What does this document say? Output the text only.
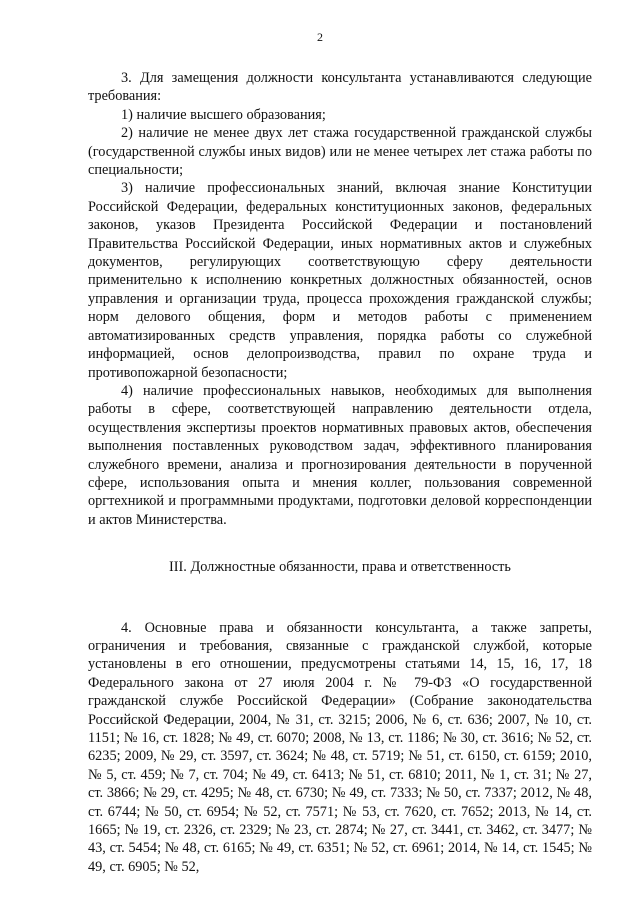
2

3. Для замещения должности консультанта устанавливаются следующие требования:

1) наличие высшего образования;

2) наличие не менее двух лет стажа государственной гражданской службы (государственной службы иных видов) или не менее четырех лет стажа работы по специальности;

3) наличие профессиональных знаний, включая знание Конституции Российской Федерации, федеральных конституционных законов, федеральных законов, указов Президента Российской Федерации и постановлений Правительства Российской Федерации, иных нормативных актов и служебных документов, регулирующих соответствующую сферу деятельности применительно к исполнению конкретных должностных обязанностей, основ управления и организации труда, процесса прохождения гражданской службы; норм делового общения, форм и методов работы с применением автоматизированных средств управления, порядка работы со служебной информацией, основ делопроизводства, правил по охране труда и противопожарной безопасности;

4) наличие профессиональных навыков, необходимых для выполнения работы в сфере, соответствующей направлению деятельности отдела, осуществления экспертизы проектов нормативных правовых актов, обеспечения выполнения поставленных руководством задач, эффективного планирования служебного времени, анализа и прогнозирования деятельности в порученной сфере, использования опыта и мнения коллег, пользования современной оргтехникой и программными продуктами, подготовки деловой корреспонденции и актов Министерства.

III. Должностные обязанности, права и ответственность

4. Основные права и обязанности консультанта, а также запреты, ограничения и требования, связанные с гражданской службой, которые установлены в его отношении, предусмотрены статьями 14, 15, 16, 17, 18 Федерального закона от 27 июля 2004 г. № 79-ФЗ «О государственной гражданской службе Российской Федерации» (Собрание законодательства Российской Федерации, 2004, № 31, ст. 3215; 2006, № 6, ст. 636; 2007, № 10, ст. 1151; № 16, ст. 1828; № 49, ст. 6070; 2008, № 13, ст. 1186; № 30, ст. 3616; № 52, ст. 6235; 2009, № 29, ст. 3597, ст. 3624; № 48, ст. 5719; № 51, ст. 6150, ст. 6159; 2010, № 5, ст. 459; № 7, ст. 704; № 49, ст. 6413; № 51, ст. 6810; 2011, № 1, ст. 31; № 27, ст. 3866; № 29, ст. 4295; № 48, ст. 6730; № 49, ст. 7333; № 50, ст. 7337; 2012, № 48, ст. 6744; № 50, ст. 6954; № 52, ст. 7571; № 53, ст. 7620, ст. 7652; 2013, № 14, ст. 1665; № 19, ст. 2326, ст. 2329; № 23, ст. 2874; № 27, ст. 3441, ст. 3462, ст. 3477; № 43, ст. 5454; № 48, ст. 6165; № 49, ст. 6351; № 52, ст. 6961; 2014, № 14, ст. 1545; № 49, ст. 6905; № 52,
